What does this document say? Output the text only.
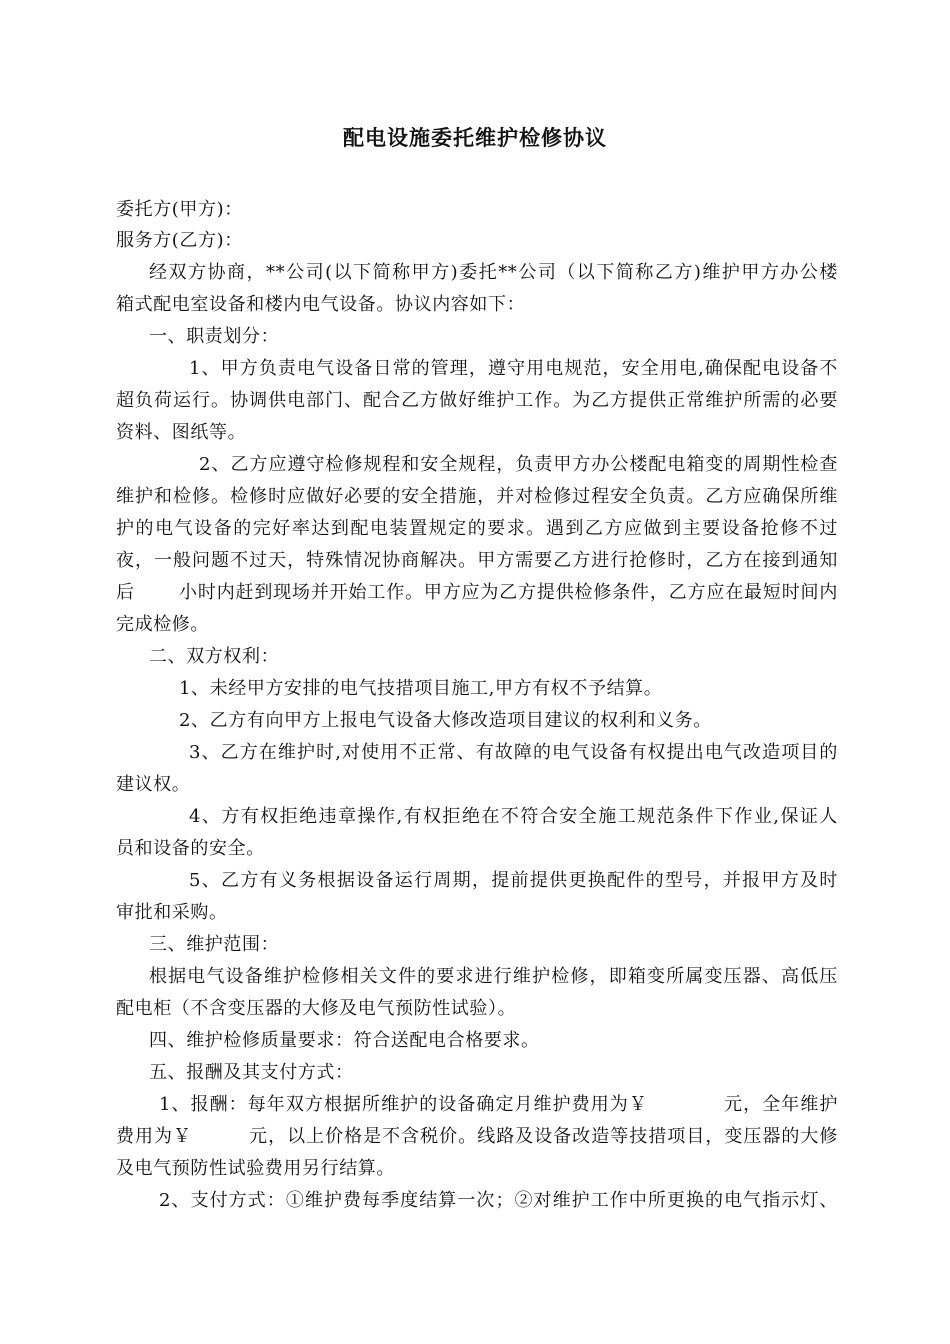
配电设施委托维护检修协议
委托方(甲方)：
服务方(乙方)：
经双方协商，**公司(以下简称甲方)委托**公司（以下简称乙方)维护甲方办公楼
箱式配电室设备和楼内电气设备。协议内容如下：
一、职责划分：
1、甲方负责电气设备日常的管理，遵守用电规范，安全用电,确保配电设备不
超负荷运行。协调供电部门、配合乙方做好维护工作。为乙方提供正常维护所需的必要
资料、图纸等。
2、乙方应遵守检修规程和安全规程，负责甲方办公楼配电箱变的周期性检查
维护和检修。检修时应做好必要的安全措施，并对检修过程安全负责。乙方应确保所维
护的电气设备的完好率达到配电装置规定的要求。遇到乙方应做到主要设备抢修不过
夜，一般问题不过天，特殊情况协商解决。甲方需要乙方进行抢修时，乙方在接到通知
后　　 小时内赶到现场并开始工作。甲方应为乙方提供检修条件，乙方应在最短时间内
完成检修。
二、双方权利：
1、未经甲方安排的电气技措项目施工,甲方有权不予结算。
2、乙方有向甲方上报电气设备大修改造项目建议的权利和义务。
3、乙方在维护时,对使用不正常、有故障的电气设备有权提出电气改造项目的
建议权。
4、方有权拒绝违章操作,有权拒绝在不符合安全施工规范条件下作业,保证人
员和设备的安全。
5、乙方有义务根据设备运行周期，提前提供更换配件的型号，并报甲方及时
审批和采购。
三、维护范围：
根据电气设备维护检修相关文件的要求进行维护检修，即箱变所属变压器、高低压
配电柜（不含变压器的大修及电气预防性试验）。
四、维护检修质量要求：符合送配电合格要求。
五、报酬及其支付方式：
1、报酬：每年双方根据所维护的设备确定月维护费用为￥　　　　元，全年维护
费用为￥　　　元，以上价格是不含税价。线路及设备改造等技措项目，变压器的大修
及电气预防性试验费用另行结算。
2、支付方式：①维护费每季度结算一次；②对维护工作中所更换的电气指示灯、
